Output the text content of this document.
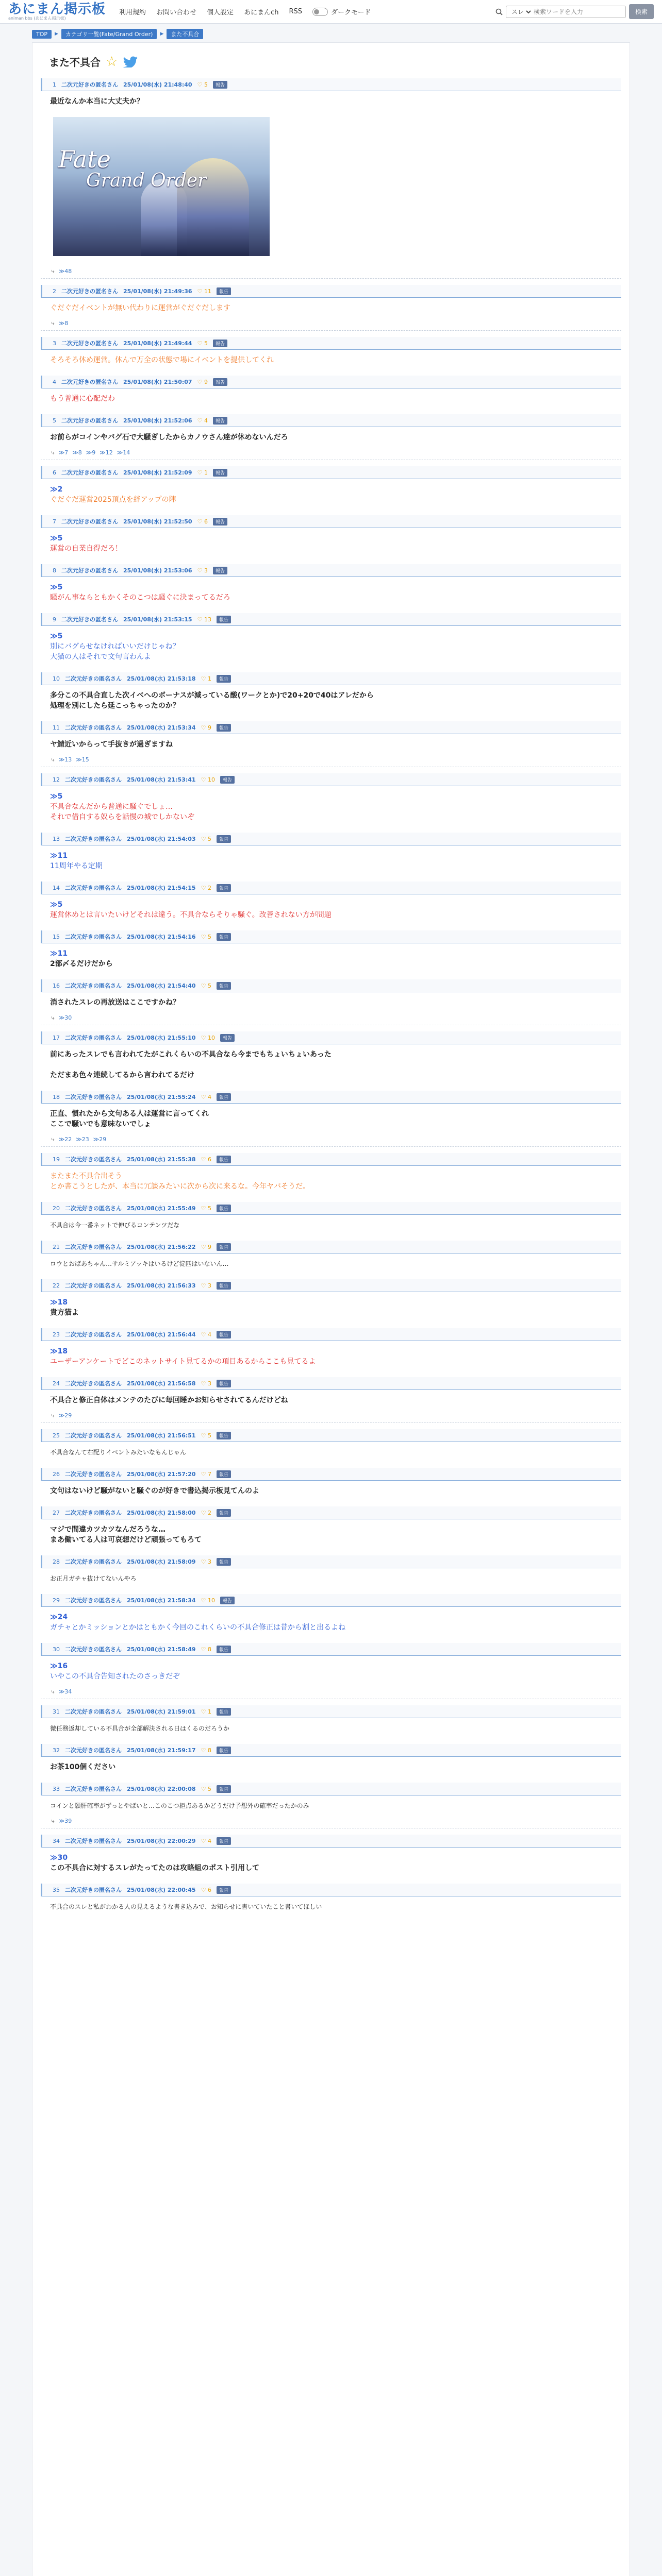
あにまん掲示板
animan bbs (あにまん掲示板)
利用規約 お問い合わせ 個人設定 あにまんch RSS	ダークモード
スレ
検索ワードを入力	検索
TOP	▶	カテゴリ一覧(Fate/Grand Order)	▶	また不具合
また不具合 ☆
1 二次元好きの匿名さん 25/01/08(水) 21:48:40 ♡ 5	報告
最近なんか本当に大丈夫か？
Fate
Grand Order
⤷ ≫48
2 二次元好きの匿名さん 25/01/08(水) 21:49:36 ♡ 11	報告
ぐだぐだイベントが無い代わりに運営がぐだぐだします
⤷ ≫8
3 二次元好きの匿名さん 25/01/08(水) 21:49:44 ♡ 5	報告
そろそろ休め運営。休んで万全の状態で場にイベントを提供してくれ
4 二次元好きの匿名さん 25/01/08(水) 21:50:07 ♡ 9	報告
もう普通に心配だわ
5 二次元好きの匿名さん 25/01/08(水) 21:52:06 ♡ 4	報告
お前らがコインやバグ石で大騒ぎしたからカノウさん達が休めないんだろ
⤷ ≫7 ≫8 ≫9 ≫12 ≫14
6 二次元好きの匿名さん 25/01/08(水) 21:52:09 ♡ 1	報告
≫2
ぐだぐだ運営2025頂点を絆アップの陣
7 二次元好きの匿名さん 25/01/08(水) 21:52:50 ♡ 6	報告
≫5
運営の自業自得だろ！
8 二次元好きの匿名さん 25/01/08(水) 21:53:06 ♡ 3	報告
≫5
騒がん事ならともかくそのこつは騒ぐに決まってるだろ
9 二次元好きの匿名さん 25/01/08(水) 21:53:15 ♡ 13	報告
≫5
別にバグらせなければいいだけじゃね？
大猫の人はそれで文句言わんよ
10 二次元好きの匿名さん 25/01/08(水) 21:53:18 ♡ 1	報告
多分この不具合直した次イベへのボーナスが減っている酸(ワークとか)で20+20で40はアレだから
処理を別にしたら延こっちゃったのか？
11 二次元好きの匿名さん 25/01/08(水) 21:53:34 ♡ 9	報告
ヤ鯖近いからって手抜きが過ぎますね
⤷ ≫13 ≫15
12 二次元好きの匿名さん 25/01/08(水) 21:53:41 ♡ 10	報告
≫5
不具合なんだから普通に騒ぐでしょ…
それで借自する奴らを話慢の城でしかないぞ
13 二次元好きの匿名さん 25/01/08(水) 21:54:03 ♡ 5	報告
≫11
11周年やる定期
14 二次元好きの匿名さん 25/01/08(水) 21:54:15 ♡ 2	報告
≫5
運営休めとは言いたいけどそれは違う。不具合ならそりゃ騒ぐ。改善されない方が問題
15 二次元好きの匿名さん 25/01/08(水) 21:54:16 ♡ 5	報告
≫11
2部〆るだけだから
16 二次元好きの匿名さん 25/01/08(水) 21:54:40 ♡ 5	報告
消されたスレの再放送はここですかね？
⤷ ≫30
17 二次元好きの匿名さん 25/01/08(水) 21:55:10 ♡ 10	報告
前にあったスレでも言われてたがこれくらいの不具合なら今までもちょいちょいあった
ただまあ色々連続してるから言われてるだけ
18 二次元好きの匿名さん 25/01/08(水) 21:55:24 ♡ 4	報告
正直、慣れたから文句ある人は運営に言ってくれ
ここで騒いでも意味ないでしょ
⤷ ≫22 ≫23 ≫29
19 二次元好きの匿名さん 25/01/08(水) 21:55:38 ♡ 6	報告
またまた不具合出そう
とか書こうとしたが、本当に冗談みたいに次から次に来るな。今年ヤバそうだ。
20 二次元好きの匿名さん 25/01/08(水) 21:55:49 ♡ 5	報告
不具合は今一番ネットで伸びるコンテンツだな
21 二次元好きの匿名さん 25/01/08(水) 21:56:22 ♡ 9	報告
ロウとおばあちゃん…サルミアッキはいるけど淀匹はいないん…
22 二次元好きの匿名さん 25/01/08(水) 21:56:33 ♡ 3	報告
≫18
貴方猫よ
23 二次元好きの匿名さん 25/01/08(水) 21:56:44 ♡ 4	報告
≫18
ユーザーアンケートでどこのネットサイト見てるかの項目あるからここも見てるよ
24 二次元好きの匿名さん 25/01/08(水) 21:56:58 ♡ 3	報告
不具合と修正自体はメンテのたびに毎回睡かお知らせされてるんだけどね
⤷ ≫29
25 二次元好きの匿名さん 25/01/08(水) 21:56:51 ♡ 5	報告
不具合なんて右配りイベントみたいなもんじゃん
26 二次元好きの匿名さん 25/01/08(水) 21:57:20 ♡ 7	報告
文句はないけど騒がないと騒ぐのが好きで書込掲示板見てんのよ
27 二次元好きの匿名さん 25/01/08(水) 21:58:00 ♡ 2	報告
マジで間違カツカツなんだろうな…
まあ働いてる人は可哀想だけど頑張ってもろて
28 二次元好きの匿名さん 25/01/08(水) 21:58:09 ♡ 3	報告
お正月ガチャ抜けてないんやろ
29 二次元好きの匿名さん 25/01/08(水) 21:58:34 ♡ 10	報告
≫24
ガチャとかミッションとかはともかく今回のこれくらいの不具合修正は昔から割と出るよね
30 二次元好きの匿名さん 25/01/08(水) 21:58:49 ♡ 8	報告
≫16
いやこの不具合告知されたのさっきだぞ
⤷ ≫34
31 二次元好きの匿名さん 25/01/08(水) 21:59:01 ♡ 1	報告
微任務返却している不具合が全部解決される日はくるのだろうか
32 二次元好きの匿名さん 25/01/08(水) 21:59:17 ♡ 8	報告
お茶100個ください
33 二次元好きの匿名さん 25/01/08(水) 22:00:08 ♡ 5	報告
コインと願肝確率がずっとやばいと…このこつ拒点あるかどうだけ予想外の確率だったかのみ
⤷ ≫39
34 二次元好きの匿名さん 25/01/08(水) 22:00:29 ♡ 4	報告
≫30
この不具合に対するスレがたってたのは攻略組のポスト引用して
35 二次元好きの匿名さん 25/01/08(水) 22:00:45 ♡ 6	報告
不具合のスレと私がわかる人の見えるような書き込みで、お知らせに書いていたこと書いてほしい
